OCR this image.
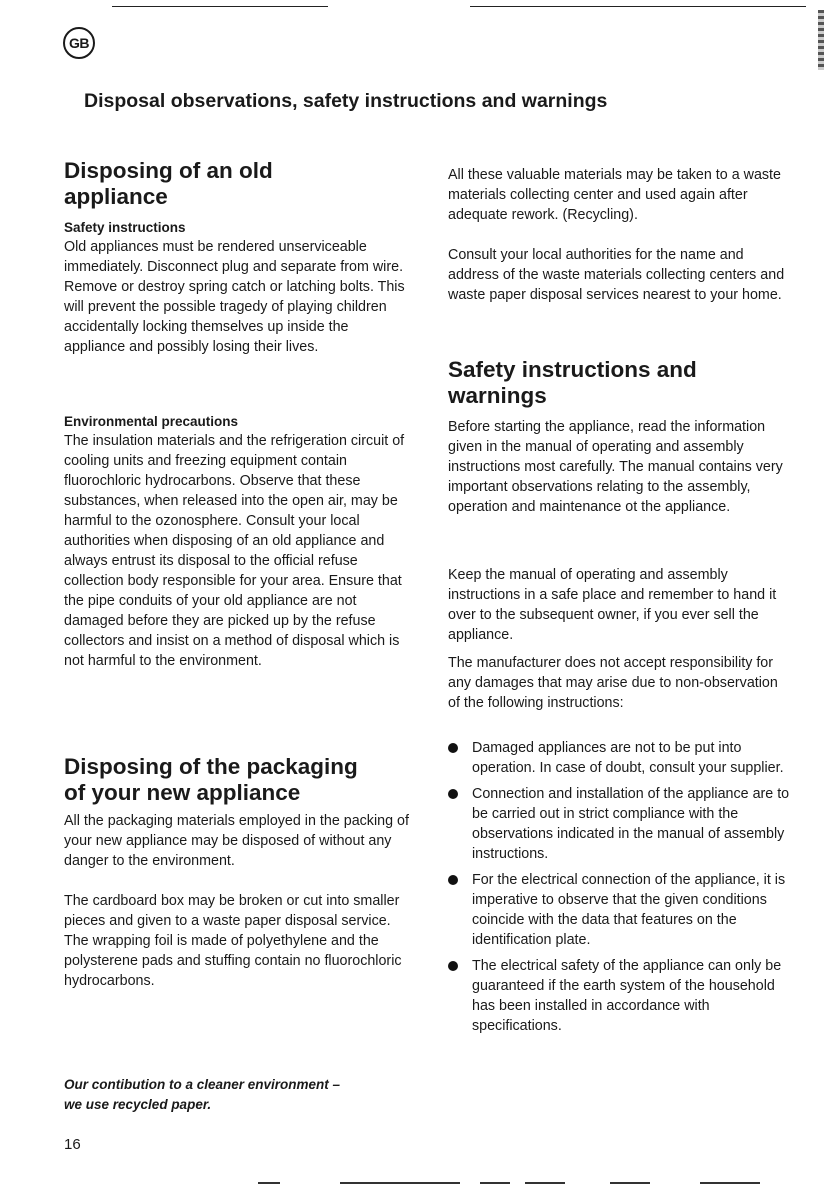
GB
Disposal observations, safety instructions and warnings
Disposing of an old
appliance
Safety instructions

Old appliances must be rendered unserviceable immediately. Disconnect plug and separate from wire. Remove or destroy spring catch or latching bolts. This will prevent the possible tragedy of playing children accidentally locking themselves up inside the appliance and possibly losing their lives.

Environmental precautions

The insulation materials and the refrigeration circuit of cooling units and freezing equipment contain fluorochloric hydrocarbons. Observe that these substances, when released into the open air, may be harmful to the ozonosphere. Consult your local authorities when disposing of an old appliance and always entrust its disposal to the official refuse collection body responsible for your area. Ensure that the pipe conduits of your old appliance are not damaged before they are picked up by the refuse collectors and insist on a method of disposal which is not harmful to the environment.

Disposing of the packaging
of your new appliance

All the packaging materials employed in the packing of your new appliance may be disposed of without any danger to the environment.

The cardboard box may be broken or cut into smaller pieces and given to a waste paper disposal service. The wrapping foil is made of polyethylene and the polysterene pads and stuffing contain no fluorochloric hydrocarbons.

Our contibution to a cleaner environment –
we use recycled paper.
16

All these valuable materials may be taken to a waste materials collecting center and used again after adequate rework. (Recycling).

Consult your local authorities for the name and address of the waste materials collecting centers and waste paper disposal services nearest to your home.

Safety instructions and
warnings

Before starting the appliance, read the information given in the manual of operating and assembly instructions most carefully. The manual contains very important observations relating to the assembly, operation and maintenance ot the appliance.

Keep the manual of operating and assembly instructions in a safe place and remember to hand it over to the subsequent owner, if you ever sell the appliance.

The manufacturer does not accept responsibility for any damages that may arise due to non-observation of the following instructions:

Damaged appliances are not to be put into operation. In case of doubt, consult your supplier.
Connection and installation of the appliance are to be carried out in strict compliance with the observations indicated in the manual of assembly instructions.
For the electrical connection of the appliance, it is imperative to observe that the given conditions coincide with the data that features on the identification plate.
The electrical safety of the appliance can only be guaranteed if the earth system of the household has been installed in accordance with specifications.
